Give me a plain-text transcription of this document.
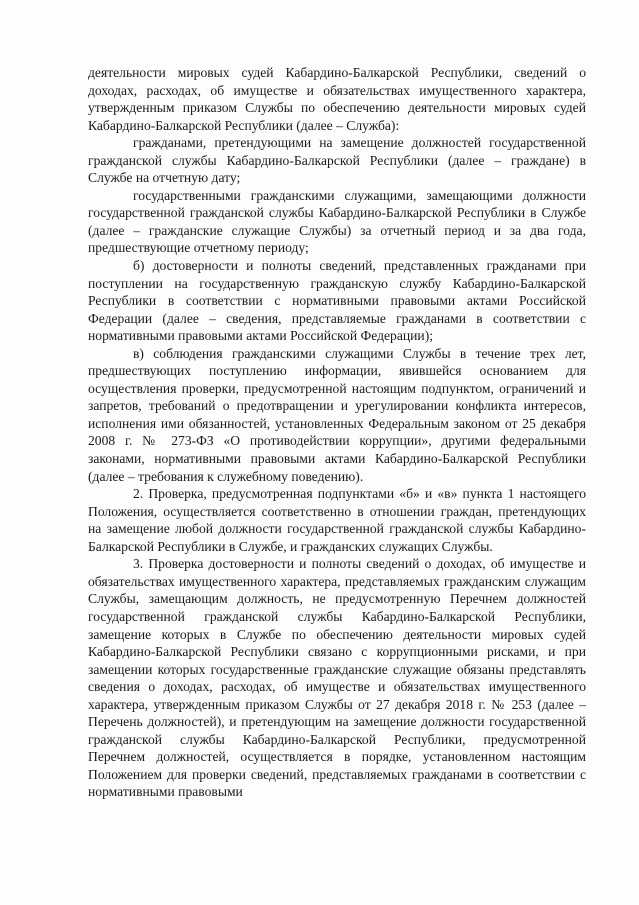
деятельности мировых судей Кабардино-Балкарской Республики, сведений о доходах, расходах, об имуществе и обязательствах имущественного характера, утвержденным приказом Службы по обеспечению деятельности мировых судей Кабардино-Балкарской Республики (далее – Служба):

гражданами, претендующими на замещение должностей государственной гражданской службы Кабардино-Балкарской Республики (далее – граждане) в Службе на отчетную дату;

государственными гражданскими служащими, замещающими должности государственной гражданской службы Кабардино-Балкарской Республики в Службе (далее – гражданские служащие Службы) за отчетный период и за два года, предшествующие отчетному периоду;

б) достоверности и полноты сведений, представленных гражданами при поступлении на государственную гражданскую службу Кабардино-Балкарской Республики в соответствии с нормативными правовыми актами Российской Федерации (далее – сведения, представляемые гражданами в соответствии с нормативными правовыми актами Российской Федерации);

в) соблюдения гражданскими служащими Службы в течение трех лет, предшествующих поступлению информации, явившейся основанием для осуществления проверки, предусмотренной настоящим подпунктом, ограничений и запретов, требований о предотвращении и урегулировании конфликта интересов, исполнения ими обязанностей, установленных Федеральным законом от 25 декабря 2008 г. № 273-ФЗ «О противодействии коррупции», другими федеральными законами, нормативными правовыми актами Кабардино-Балкарской Республики (далее – требования к служебному поведению).

2. Проверка, предусмотренная подпунктами «б» и «в» пункта 1 настоящего Положения, осуществляется соответственно в отношении граждан, претендующих на замещение любой должности государственной гражданской службы Кабардино-Балкарской Республики в Службе, и гражданских служащих Службы.

3. Проверка достоверности и полноты сведений о доходах, об имуществе и обязательствах имущественного характера, представляемых гражданским служащим Службы, замещающим должность, не предусмотренную Перечнем должностей государственной гражданской службы Кабардино-Балкарской Республики, замещение которых в Службе по обеспечению деятельности мировых судей Кабардино-Балкарской Республики связано с коррупционными рисками, и при замещении которых государственные гражданские служащие обязаны представлять сведения о доходах, расходах, об имуществе и обязательствах имущественного характера, утвержденным приказом Службы от 27 декабря 2018 г. № 253 (далее – Перечень должностей), и претендующим на замещение должности государственной гражданской службы Кабардино-Балкарской Республики, предусмотренной Перечнем должностей, осуществляется в порядке, установленном настоящим Положением для проверки сведений, представляемых гражданами в соответствии с нормативными правовыми
